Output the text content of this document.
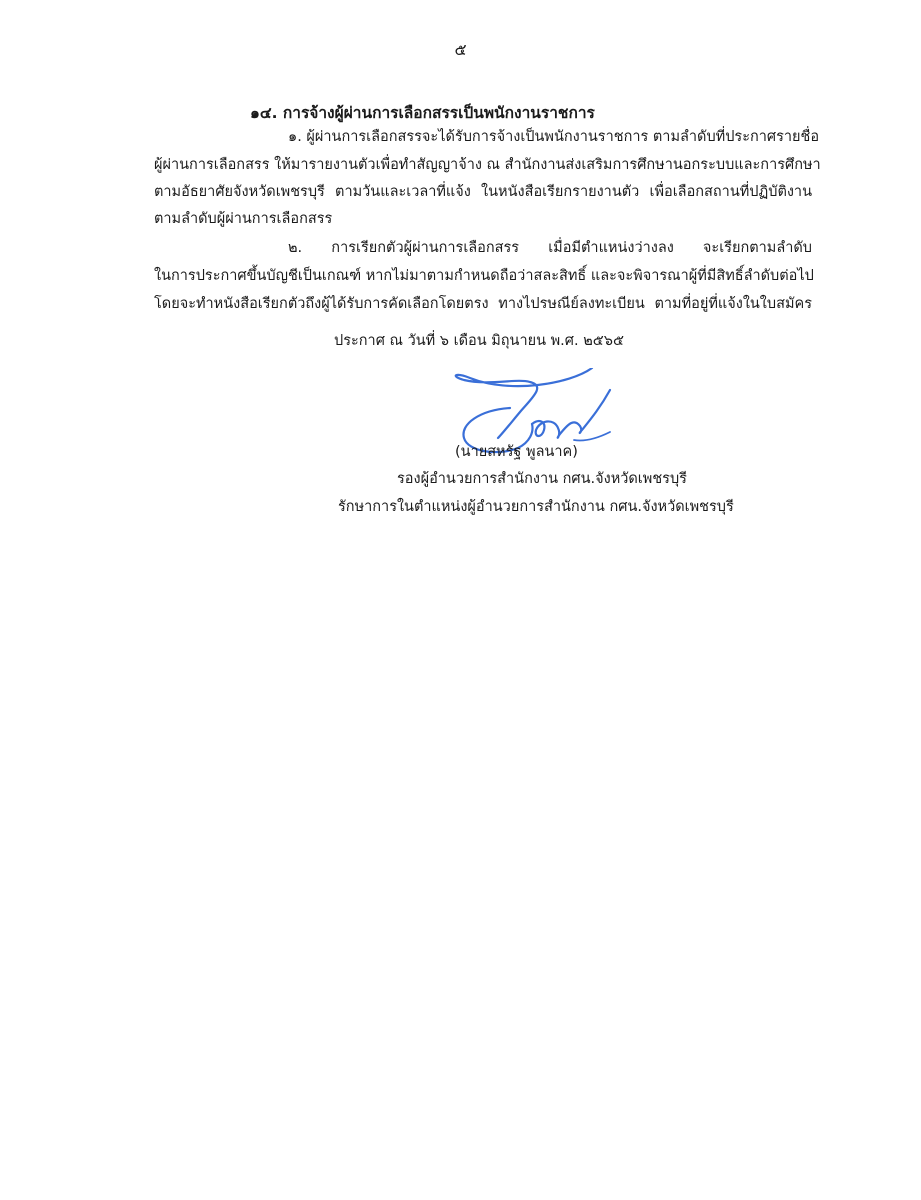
๕
๑๔. การจ้างผู้ผ่านการเลือกสรรเป็นพนักงานราชการ
๑. ผู้ผ่านการเลือกสรรจะได้รับการจ้างเป็นพนักงานราชการ ตามลำดับที่ประกาศรายชื่อ
ผู้ผ่านการเลือกสรร ให้มารายงานตัวเพื่อทำสัญญาจ้าง ณ สำนักงานส่งเสริมการศึกษานอกระบบและการศึกษา
ตามอัธยาศัยจังหวัดเพชรบุรี ตามวันและเวลาที่แจ้ง ในหนังสือเรียกรายงานตัว เพื่อเลือกสถานที่ปฏิบัติงาน
ตามลำดับผู้ผ่านการเลือกสรร
๒. การเรียกตัวผู้ผ่านการเลือกสรร เมื่อมีตำแหน่งว่างลง จะเรียกตามลำดับ
ในการประกาศขึ้นบัญชีเป็นเกณฑ์ หากไม่มาตามกำหนดถือว่าสละสิทธิ์ และจะพิจารณาผู้ที่มีสิทธิ์ลำดับต่อไป
โดยจะทำหนังสือเรียกตัวถึงผู้ได้รับการคัดเลือกโดยตรง ทางไปรษณีย์ลงทะเบียน ตามที่อยู่ที่แจ้งในใบสมัคร
ประกาศ ณ วันที่ ๖ เดือน มิถุนายน พ.ศ. ๒๕๖๕
(นายสหรัฐ พูลนาค)
รองผู้อำนวยการสำนักงาน กศน.จังหวัดเพชรบุรี
รักษาการในตำแหน่งผู้อำนวยการสำนักงาน กศน.จังหวัดเพชรบุรี
